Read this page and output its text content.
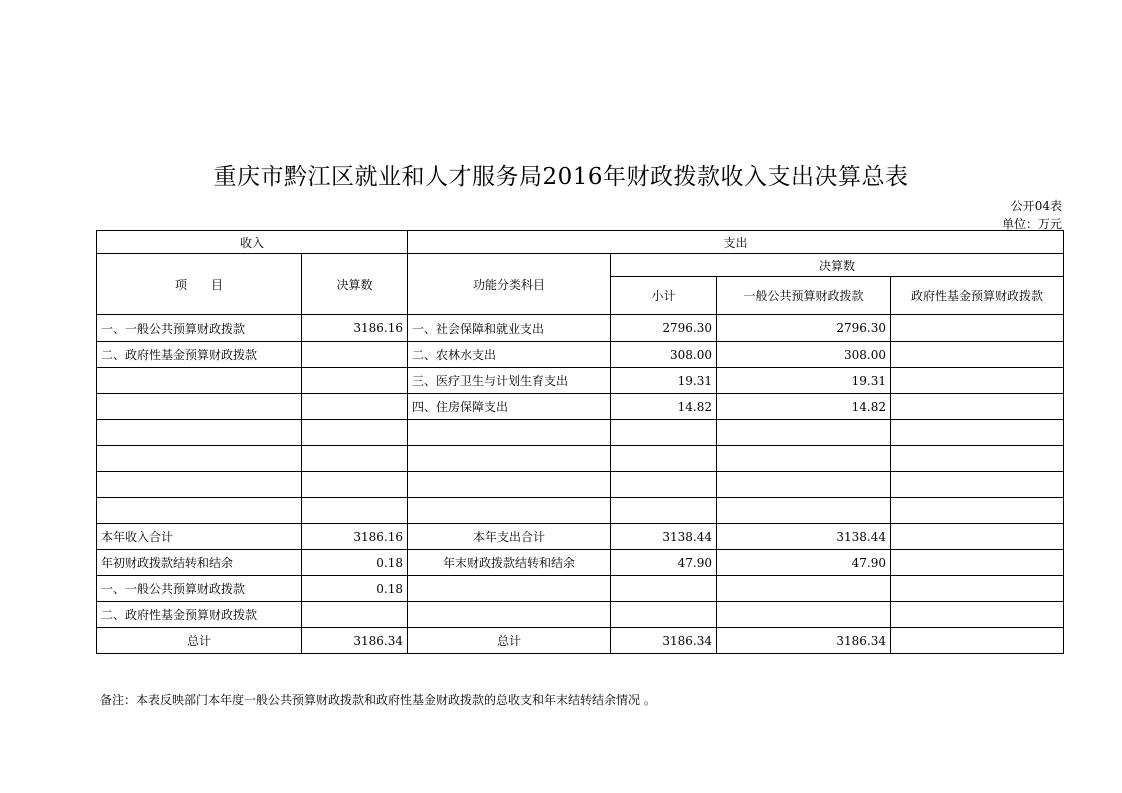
重庆市黔江区就业和人才服务局2016年财政拨款收入支出决算总表
公开04表
单位：万元
收入		支出			
项　　目	决算数	功能分类科目	决算数		
			小计	一般公共预算财政拨款	政府性基金预算财政拨款
一、一般公共预算财政拨款	3186.16	一、社会保障和就业支出	2796.30	2796.30	
二、政府性基金预算财政拨款		二、农林水支出	308.00	308.00	
		三、医疗卫生与计划生育支出	19.31	19.31	
		四、住房保障支出	14.82	14.82	

本年收入合计	3186.16	本年支出合计	3138.44	3138.44	
年初财政拨款结转和结余	0.18	年末财政拨款结转和结余	47.90	47.90	
一、一般公共预算财政拨款	0.18				
二、政府性基金预算财政拨款					
总计	3186.34	总计	3186.34	3186.34	
备注：本表反映部门本年度一般公共预算财政拨款和政府性基金财政拨款的总收支和年末结转结余情况 。
